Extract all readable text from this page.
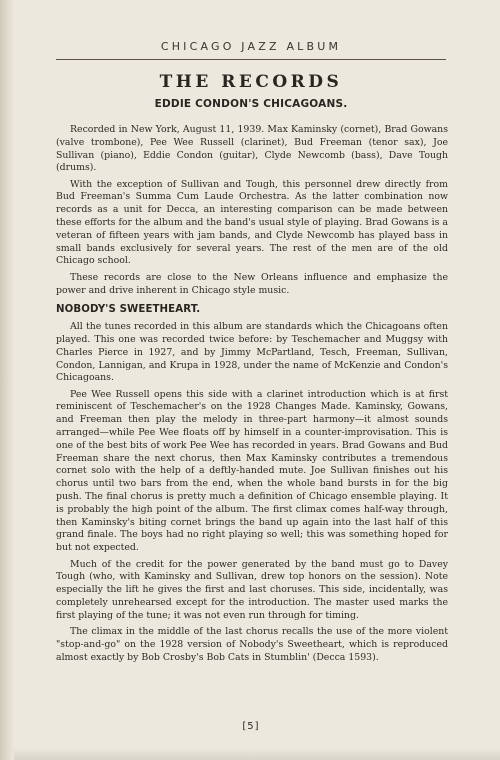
CHICAGO JAZZ ALBUM
THE RECORDS
EDDIE CONDON'S CHICAGOANS.

Recorded in New York, August 11, 1939. Max Kaminsky (cornet), Brad Gowans (valve trombone), Pee Wee Russell (clarinet), Bud Freeman (tenor sax), Joe Sullivan (piano), Eddie Condon (guitar), Clyde Newcomb (bass), Dave Tough (drums).

With the exception of Sullivan and Tough, this personnel drew directly from Bud Freeman's Summa Cum Laude Orchestra. As the latter combination now records as a unit for Decca, an interesting comparison can be made between these efforts for the album and the band's usual style of playing. Brad Gowans is a veteran of fifteen years with jam bands, and Clyde Newcomb has played bass in small bands exclusively for several years. The rest of the men are of the old Chicago school.

These records are close to the New Orleans influence and emphasize the power and drive inherent in Chicago style music.

NOBODY'S SWEETHEART.

All the tunes recorded in this album are standards which the Chicagoans often played. This one was recorded twice before: by Teschemacher and Muggsy with Charles Pierce in 1927, and by Jimmy McPartland, Tesch, Freeman, Sullivan, Condon, Lannigan, and Krupa in 1928, under the name of McKenzie and Condon's Chicagoans.

Pee Wee Russell opens this side with a clarinet introduction which is at first reminiscent of Teschemacher's on the 1928 Changes Made. Kaminsky, Gowans, and Freeman then play the melody in three-part harmony—it almost sounds arranged—while Pee Wee floats off by himself in a counter-improvisation. This is one of the best bits of work Pee Wee has recorded in years. Brad Gowans and Bud Freeman share the next chorus, then Max Kaminsky contributes a tremendous cornet solo with the help of a deftly-handed mute. Joe Sullivan finishes out his chorus until two bars from the end, when the whole band bursts in for the big push. The final chorus is pretty much a definition of Chicago ensemble playing. It is probably the high point of the album. The first climax comes half-way through, then Kaminsky's biting cornet brings the band up again into the last half of this grand finale. The boys had no right playing so well; this was something hoped for but not expected.

Much of the credit for the power generated by the band must go to Davey Tough (who, with Kaminsky and Sullivan, drew top honors on the session). Note especially the lift he gives the first and last choruses. This side, incidentally, was completely unrehearsed except for the introduction. The master used marks the first playing of the tune; it was not even run through for timing.

The climax in the middle of the last chorus recalls the use of the more violent "stop-and-go" on the 1928 version of Nobody's Sweetheart, which is reproduced almost exactly by Bob Crosby's Bob Cats in Stumblin' (Decca 1593).

[5]
